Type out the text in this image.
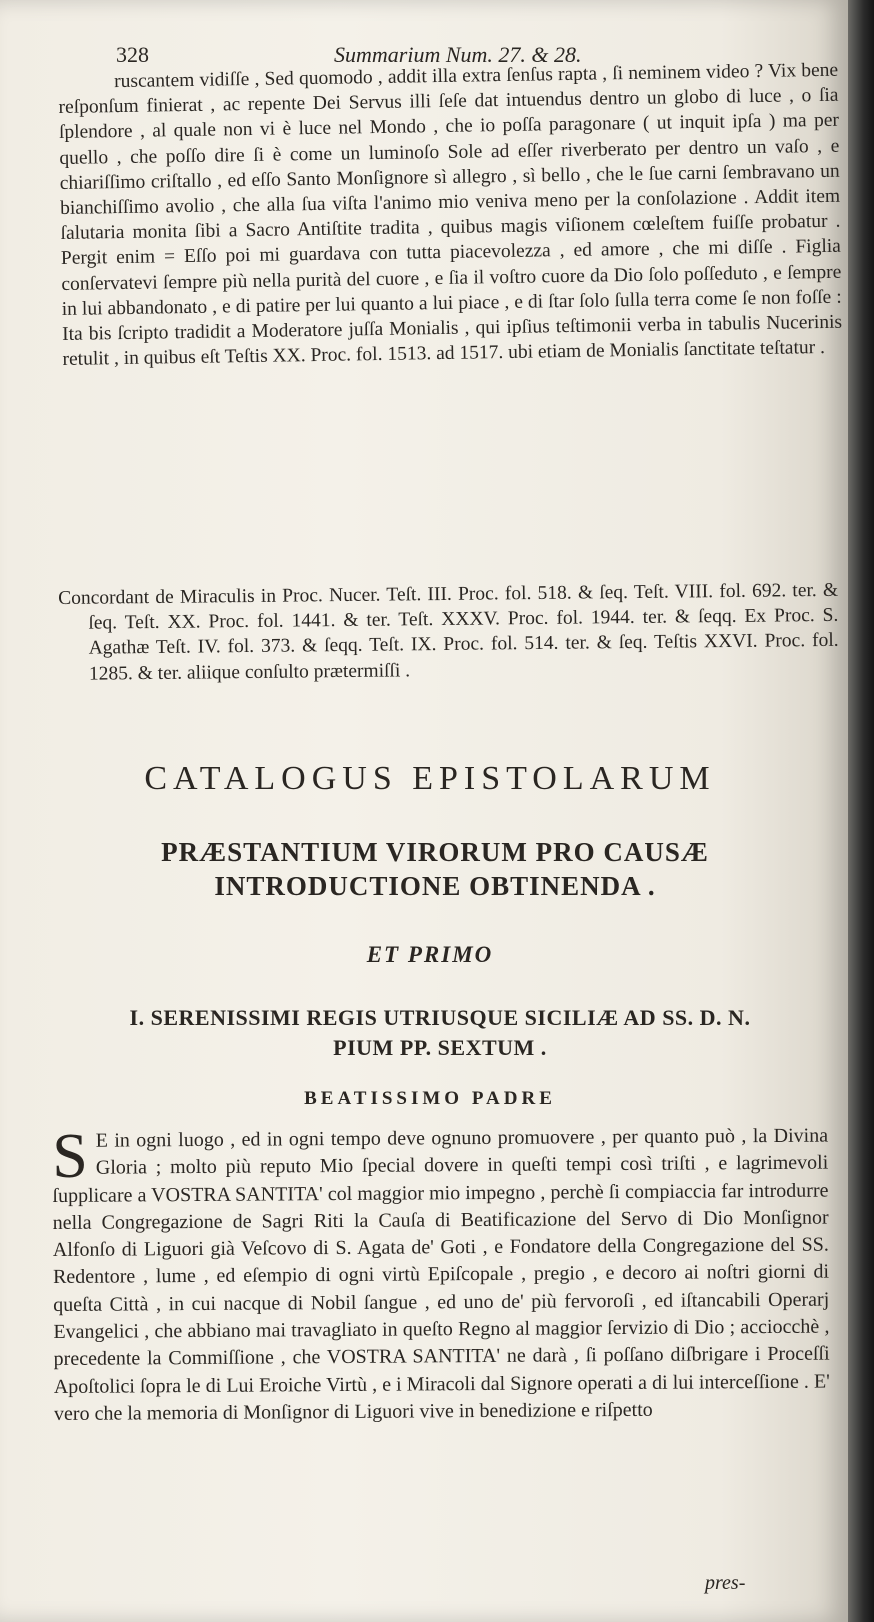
328	Summarium Num. 27. & 28.

ruscantem vidiſſe , Sed quomodo , addit illa extra ſenſus rapta , ſi neminem video ? Vix bene reſponſum finierat , ac repente Dei Servus illi ſeſe dat intuendus dentro un globo di luce , o ſia ſplendore , al quale non vi è luce nel Mondo , che io poſſa paragonare ( ut inquit ipſa ) ma per quello , che poſſo dire ſi è come un luminoſo Sole ad eſſer riverberato per dentro un vaſo , e chiariſſimo criſtallo , ed eſſo Santo Monſignore sì allegro , sì bello , che le ſue carni ſembravano un bianchiſſimo avolio , che alla ſua viſta l'animo mio veniva meno per la conſolazione . Addit item ſalutaria monita ſibi a Sacro Antiſtite tradita , quibus magis viſionem cœleſtem fuiſſe probatur . Pergit enim = Eſſo poi mi guardava con tutta piacevolezza , ed amore , che mi diſſe . Figlia conſervatevi ſempre più nella purità del cuore , e ſia il voſtro cuore da Dio ſolo poſſeduto , e ſempre in lui abbandonato , e di patire per lui quanto a lui piace , e di ſtar ſolo ſulla terra come ſe non foſſe : Ita bis ſcripto tradidit a Moderatore juſſa Monialis , qui ipſius teſtimonii verba in tabulis Nucerinis retulit , in quibus eſt Teſtis XX. Proc. fol. 1513. ad 1517. ubi etiam de Monialis ſanctitate teſtatur .

Concordant de Miraculis in Proc. Nucer. Teſt. III. Proc. fol. 518. & ſeq. Teſt. VIII. fol. 692. ter. & ſeq. Teſt. XX. Proc. fol. 1441. & ter. Teſt. XXXV. Proc. fol. 1944. ter. & ſeqq. Ex Proc. S. Agathæ Teſt. IV. fol. 373. & ſeqq. Teſt. IX. Proc. fol. 514. ter. & ſeq. Teſtis XXVI. Proc. fol. 1285. & ter. aliique conſulto prætermiſſi .

CATALOGUS EPISTOLARUM
PRÆSTANTIUM VIRORUM PRO CAUSÆ INTRODUCTIONE OBTINENDA .
ET PRIMO
I. SERENISSIMI REGIS UTRIUSQUE SICILIÆ AD SS. D. N. PIUM PP. SEXTUM .
BEATISSIMO PADRE
S E in ogni luogo , ed in ogni tempo deve ognuno promuovere , per quanto può , la Divina Gloria ; molto più reputo Mio ſpecial dovere in queſti tempi così triſti , e lagrimevoli ſupplicare a VOSTRA SANTITA' col maggior mio impegno , perchè ſi compiaccia far introdurre nella Congregazione de Sagri Riti la Cauſa di Beatificazione del Servo di Dio Monſignor Alfonſo di Liguori già Veſcovo di S. Agata de' Goti , e Fondatore della Congregazione del SS. Redentore , lume , ed eſempio di ogni virtù Epiſcopale , pregio , e decoro ai noſtri giorni di queſta Città , in cui nacque di Nobil ſangue , ed uno de' più fervoroſi , ed iſtancabili Operarj Evangelici , che abbiano mai travagliato in queſto Regno al maggior ſervizio di Dio ; acciocchè , precedente la Commiſſione , che VOSTRA SANTITA' ne darà , ſi poſſano diſbrigare i Proceſſi Apoſtolici ſopra le di Lui Eroiche Virtù , e i Miracoli dal Signore operati a di lui interceſſione . E' vero che la memoria di Monſignor di Liguori vive in benedizione e riſpetto

pres-
